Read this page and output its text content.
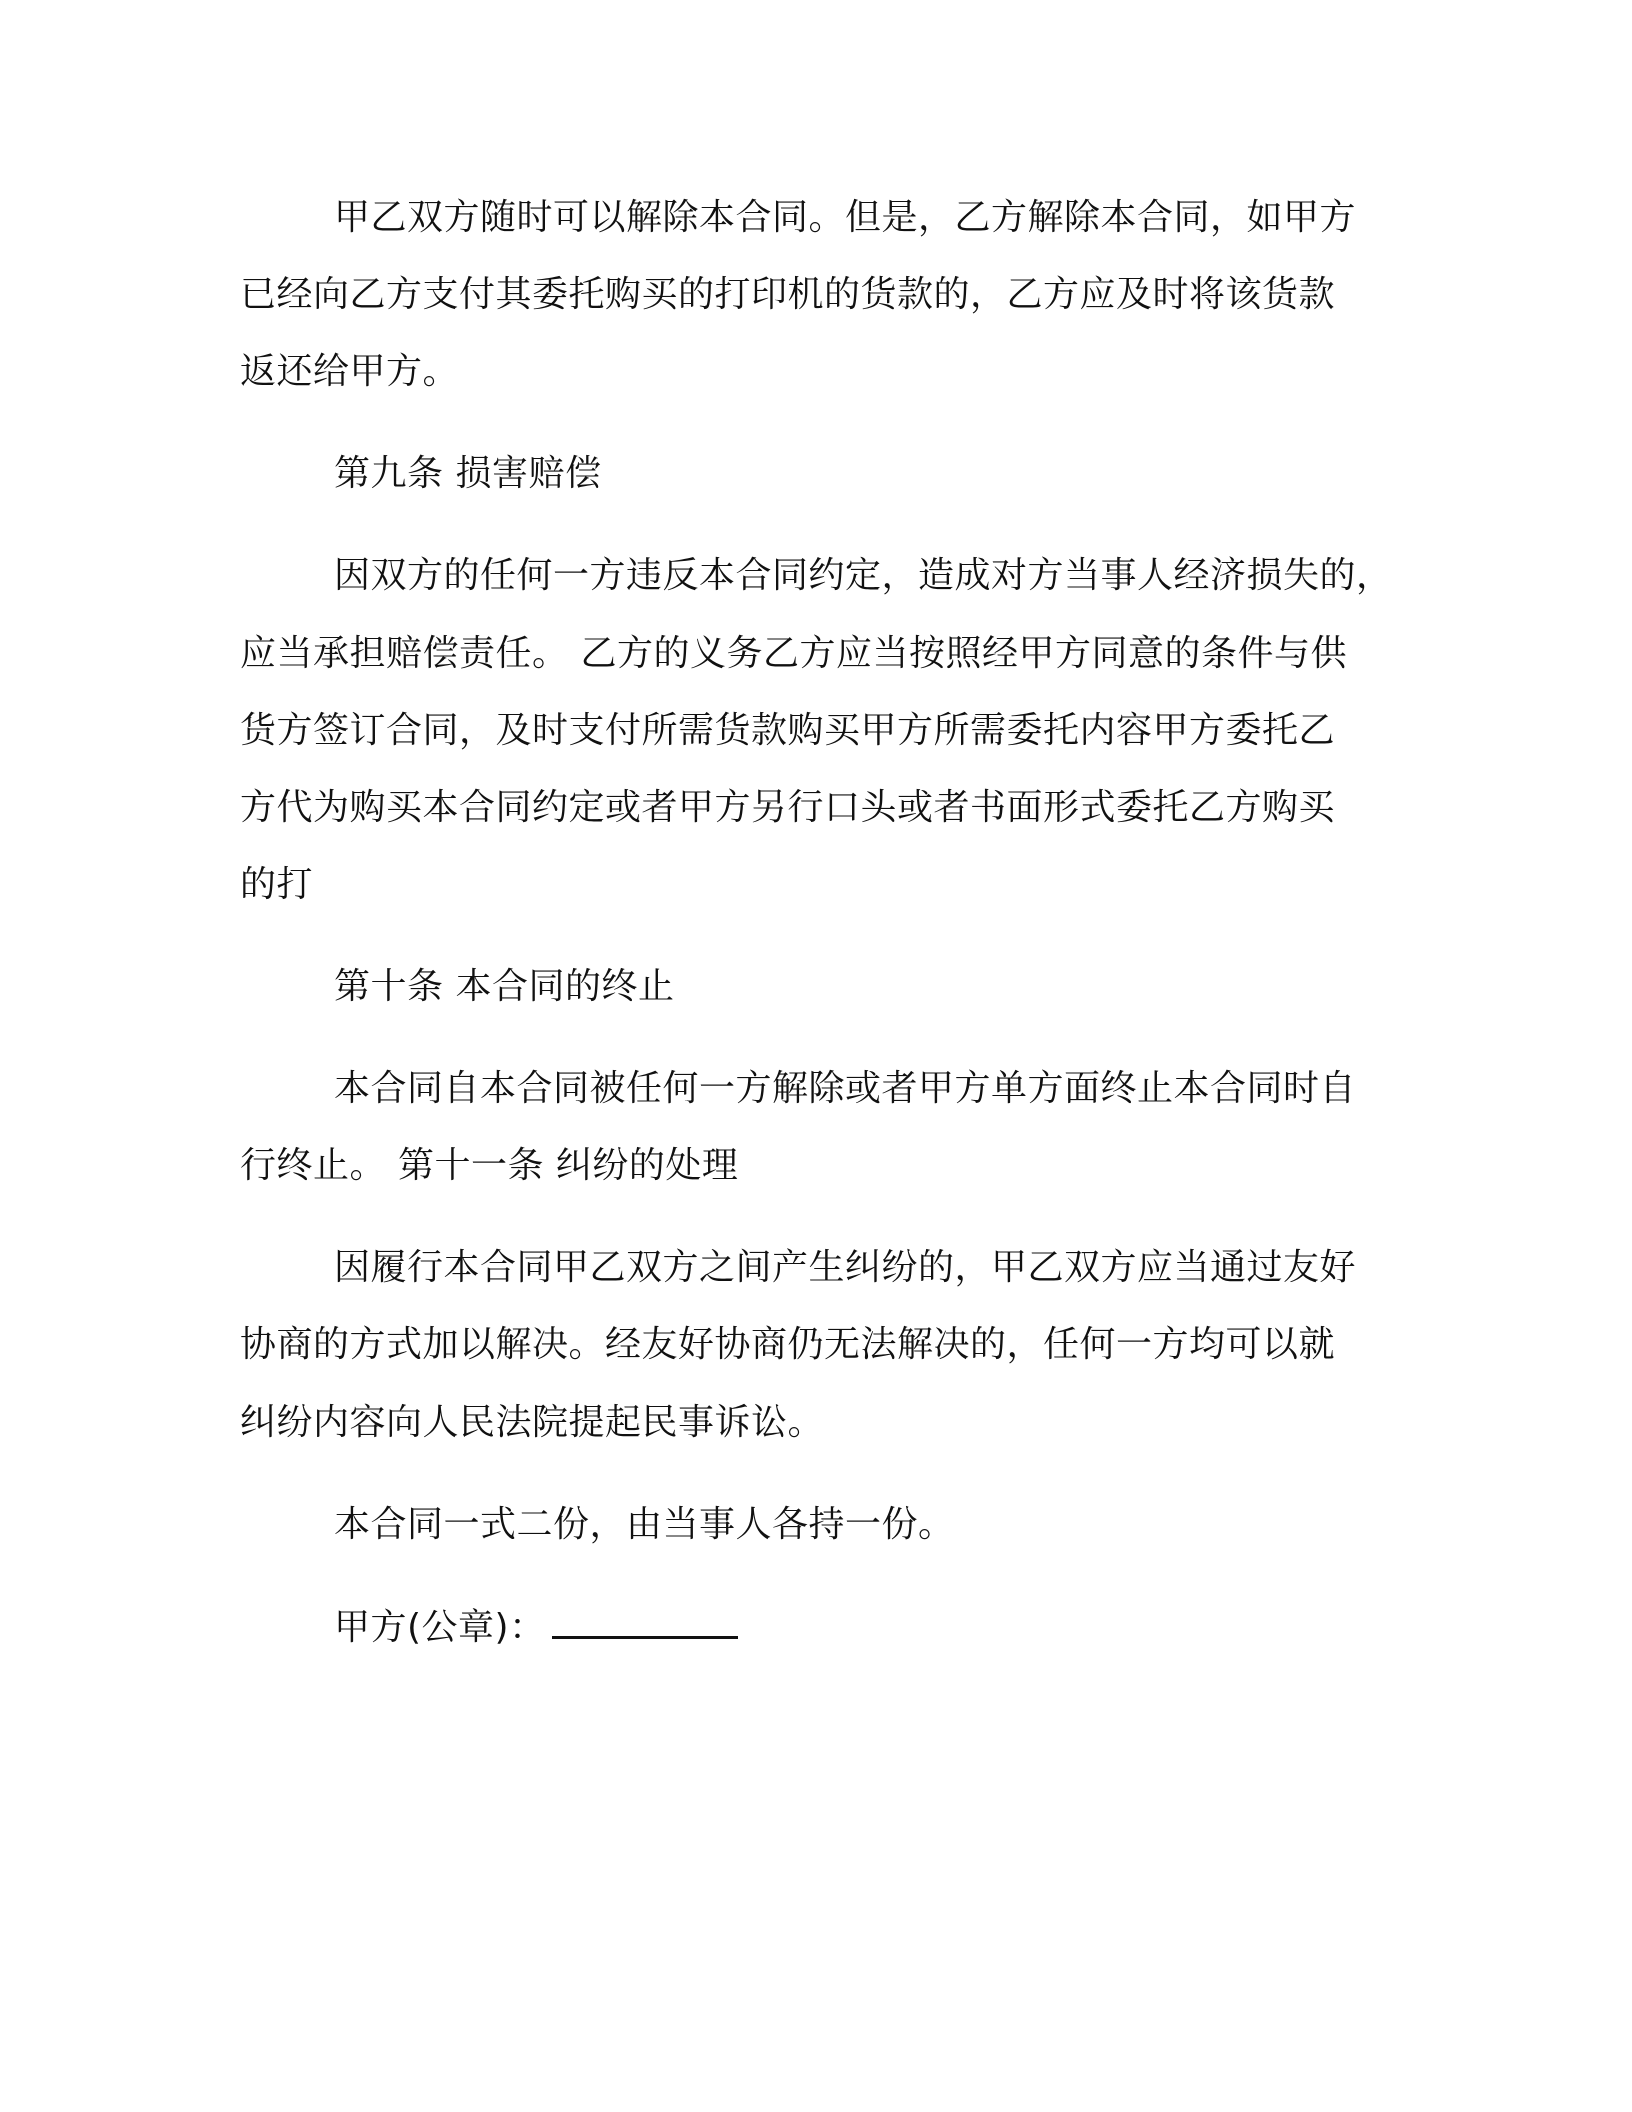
甲乙双方随时可以解除本合同。但是，乙方解除本合同，如甲方
已经向乙方支付其委托购买的打印机的货款的，乙方应及时将该货款
返还给甲方。
第九条 损害赔偿
因双方的任何一方违反本合同约定，造成对方当事人经济损失的，
应当承担赔偿责任。 乙方的义务乙方应当按照经甲方同意的条件与供
货方签订合同，及时支付所需货款购买甲方所需委托内容甲方委托乙
方代为购买本合同约定或者甲方另行口头或者书面形式委托乙方购买
的打
第十条 本合同的终止
本合同自本合同被任何一方解除或者甲方单方面终止本合同时自
行终止。 第十一条 纠纷的处理
因履行本合同甲乙双方之间产生纠纷的，甲乙双方应当通过友好
协商的方式加以解决。经友好协商仍无法解决的，任何一方均可以就
纠纷内容向人民法院提起民事诉讼。
本合同一式二份，由当事人各持一份。
甲方(公章)：
